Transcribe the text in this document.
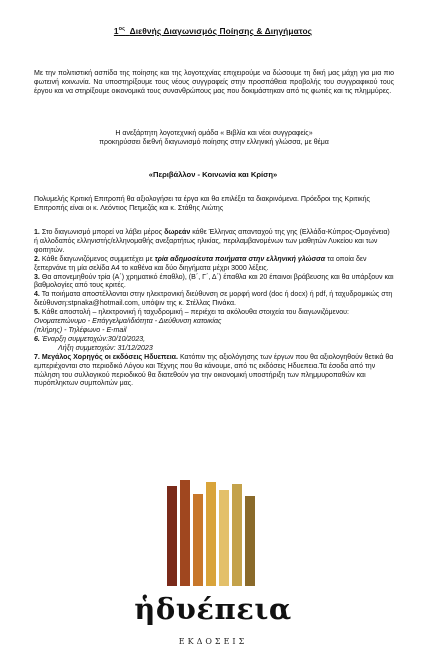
$1^{o\varsigma}$ Διεθνής Διαγωνισμός Ποίησης & Διηγήματος
Με την πολιτιστική ασπίδα της ποίησης και της λογοτεχνίας επιχειρούμε να δώσουμε τη δική μας μάχη για μια πιο φωτεινή κοινωνία. Να υποστηρίξουμε τους νέους συγγραφείς στην προσπάθεια προβολής του συγγραφικού τους έργου και να στηρίξουμε οικονομικά τους συνανθρώπους μας που δοκιμάστηκαν από τις φωτιές και τις πλημμύρες.
Η ανεξάρτητη λογοτεχνική ομάδα « Βιβλία και νέοι συγγραφείς»
προκηρύσσει διεθνή διαγωνισμό ποίησης στην ελληνική γλώσσα, με θέμα
«Περιβάλλον - Κοινωνία και Κρίση»
Πολυμελής Κριτική Επιτροπή θα αξιολογήσει τα έργα και θα επιλέξει τα διακρινόμενα. Πρόεδροι της Κριτικής Επιτροπής είναι οι κ. Λεόντιος Πετμεζάς και κ. Στάθης Λιώτης

1. Στο διαγωνισμό μπορεί να λάβει μέρος δωρεάν κάθε Έλληνας απανταχού της γης (Ελλάδα-Κύπρος-Ομογένεια) ή αλλοδαπός ελληνιστής/ελληνομαθής ανεξαρτήτως ηλικίας, περιλαμβανομένων των μαθητών Λυκείου και των φοιτητών.

2. Κάθε διαγωνιζόμενος συμμετέχει με τρία αδημοσίευτα ποιήματα στην ελληνική γλώσσα τα οποία δεν ξεπερνάνε τη μία σελίδα Α4 το καθένα και δύο διηγήματα μέχρι 3000 λέξεις.

3. Θα απονεμηθούν τρία (Α΄) χρηματικό έπαθλο), (Β΄, Γ΄, Δ΄) έπαθλα και 20 έπαινοι βράβευσης και θα υπάρξουν και βαθμολογίες από τους κριτές.

4. Τα ποιήματα αποστέλλονται στην ηλεκτρονική διεύθυνση σε μορφή word (doc ή docx) ή pdf, ή ταχυδρομικώς στη διεύθυνση:stpnaka@hotmail.com, υπόψιν της κ. Στέλλας Πινάκα.

5. Κάθε αποστολή – ηλεκτρονική ή ταχυδρομική – περιέχει τα ακόλουθα στοιχεία του διαγωνιζόμενου:

Ονοματεπώνυμο - Επάγγελμα/ιδιότητα - Διεύθυνση κατοικίας

(πλήρης) - Τηλέφωνο - E-mail

6. Έναρξη συμμετοχών:30/10/2023,

Λήξη συμμετοχών: 31/12/2023

7. Μεγάλος Χορηγός οι εκδόσεις Ηδυεπεια. Κατόπιν της αξιολόγησης των έργων που θα αξιολογηθούν θετικά θα εμπεριέχονται στο περιοδικό Λόγου και Τέχνης που θα κάνουμε, από τις εκδόσεις Ηδυεπεια.Τα έσοδα από την πώληση του συλλογικού περιοδικού θα διατεθούν για την οικονομική υποστήριξη των πλημμυροπαθών και πυρόπληκτων συμπολιτών μας.

ἡδυέπεια
ΕΚΔΟΣΕΙΣ
